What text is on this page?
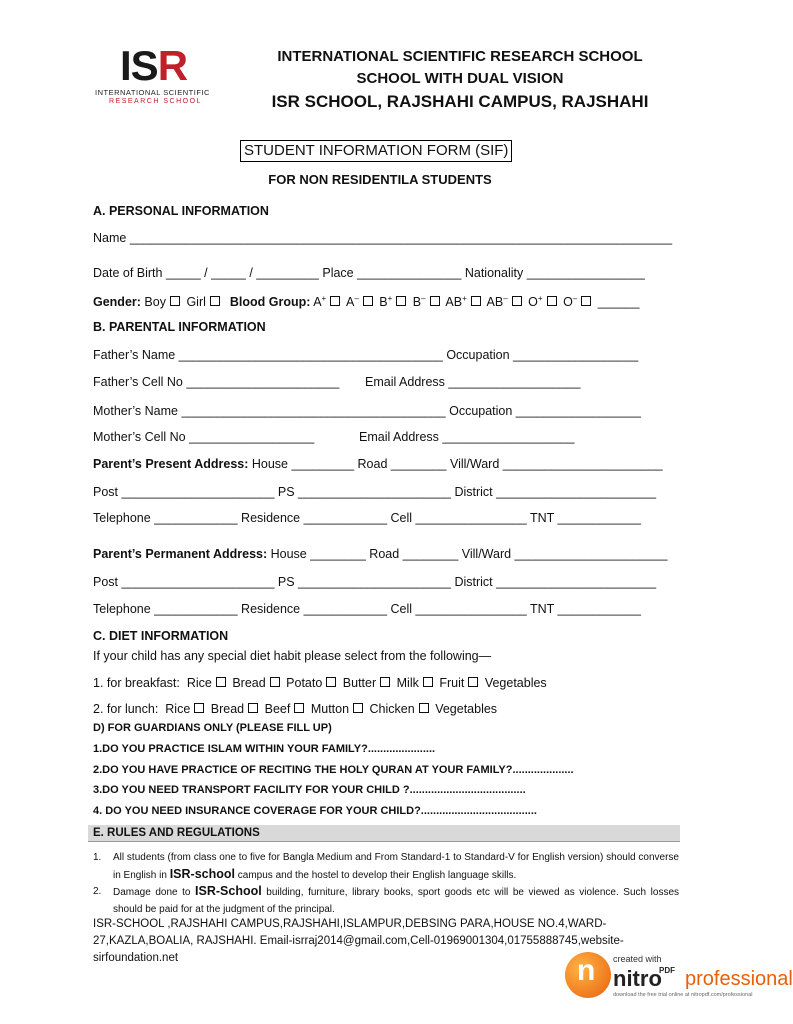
ISR
INTERNATIONAL SCIENTIFIC
RESEARCH SCHOOL
INTERNATIONAL SCIENTIFIC RESEARCH SCHOOL
SCHOOL WITH DUAL VISION
ISR SCHOOL, RAJSHAHI CAMPUS, RAJSHAHI
STUDENT INFORMATION FORM (SIF)
FOR NON RESIDENTILA STUDENTS
A. PERSONAL INFORMATION
Name ______________________________________________________________________________
Date of Birth _____ / _____ / _________ Place _______________ Nationality _________________
Gender: Boy Girl Blood Group: A+ A– B+ B– AB+ AB– O+ O– ______
B. PARENTAL INFORMATION
Father’s Name ______________________________________ Occupation __________________
Father’s Cell No ______________________ Email Address ___________________
Mother’s Name ______________________________________ Occupation __________________
Mother’s Cell No __________________	Email Address ___________________
Parent’s Present Address: House _________ Road ________ Vill/Ward _______________________
Post ______________________ PS ______________________ District _______________________
Telephone ____________ Residence ____________ Cell ________________ TNT ____________
Parent’s Permanent Address: House ________ Road ________ Vill/Ward ______________________
Post ______________________ PS ______________________ District _______________________
Telephone ____________ Residence ____________ Cell ________________ TNT ____________
C. DIET INFORMATION
If your child has any special diet habit please select from the following—
1. for breakfast: Rice Bread Potato Butter Milk Fruit Vegetables
2. for lunch: Rice Bread Beef Mutton Chicken Vegetables
D) FOR GUARDIANS ONLY (PLEASE FILL UP)
1.DO YOU PRACTICE ISLAM WITHIN YOUR FAMILY?......................
2.DO YOU HAVE PRACTICE OF RECITING THE HOLY QURAN AT YOUR FAMILY?....................
3.DO YOU NEED TRANSPORT FACILITY FOR YOUR CHILD ?......................................
4. DO YOU NEED INSURANCE COVERAGE FOR YOUR CHILD?......................................
E. RULES AND REGULATIONS
1. All students (from class one to five for Bangla Medium and From Standard-1 to Standard-V for English version) should converse in English in ISR-school campus and the hostel to develop their English language skills.
2. Damage done to ISR-School building, furniture, library books, sport goods etc will be viewed as violence. Such losses should be paid for at the judgment of the principal.
ISR-SCHOOL ,RAJSHAHI CAMPUS,RAJSHAHI,ISLAMPUR,DEBSING PARA,HOUSE NO.4,WARD-27,KAZLA,BOALIA, RAJSHAHI. Email-isrraj2014@gmail.com,Cell-01969001304,01755888745,website-sirfoundation.net	n created with
nitro
PDF professional
download the free trial online at nitropdf.com/professional
